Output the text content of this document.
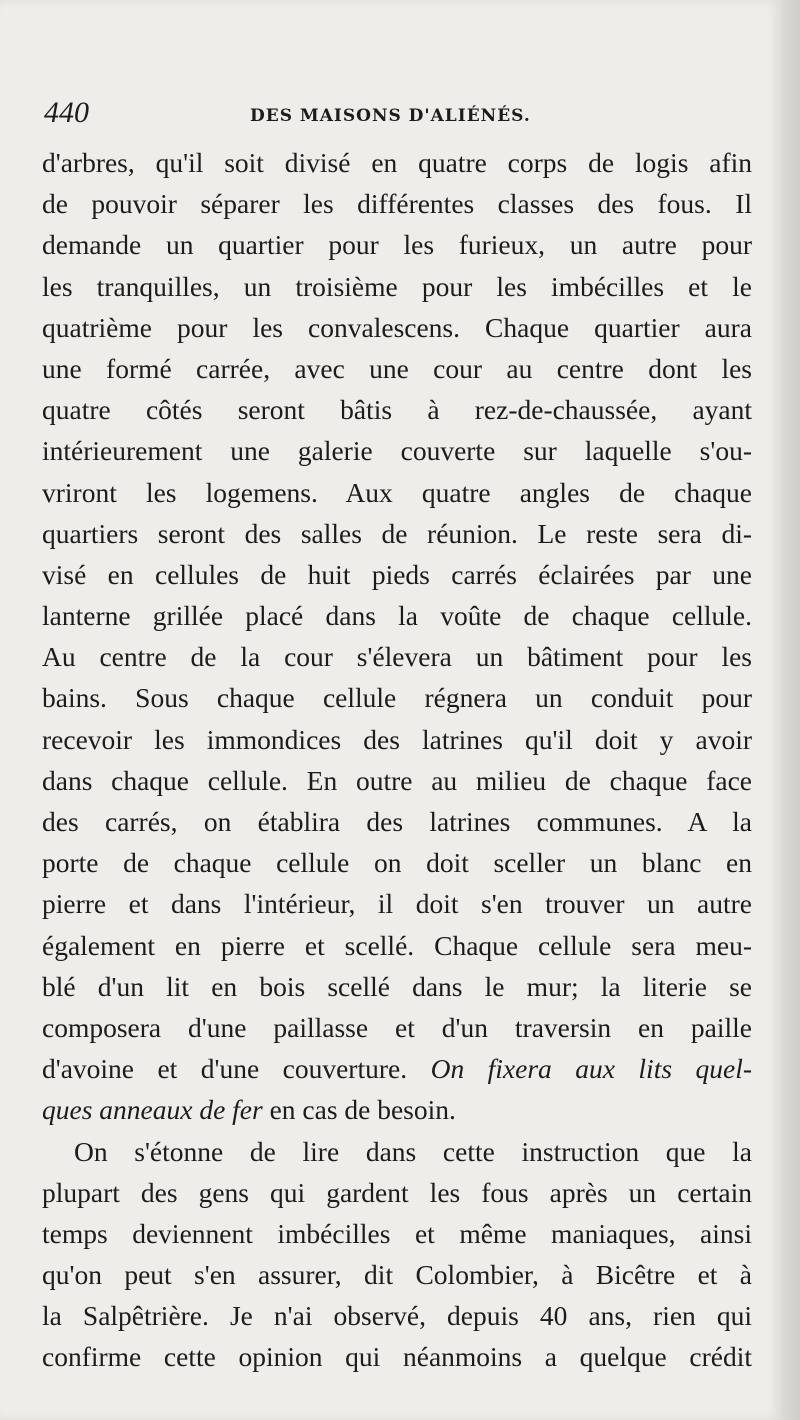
440	DES MAISONS D'ALIÉNÉS.
d'arbres, qu'il soit divisé en quatre corps de logis afin
de pouvoir séparer les différentes classes des fous. Il
demande un quartier pour les furieux, un autre pour
les tranquilles, un troisième pour les imbécilles et le
quatrième pour les convalescens. Chaque quartier aura
une formé carrée, avec une cour au centre dont les
quatre côtés seront bâtis à rez-de-chaussée, ayant
intérieurement une galerie couverte sur laquelle s'ou-
vriront les logemens. Aux quatre angles de chaque
quartiers seront des salles de réunion. Le reste sera di-
visé en cellules de huit pieds carrés éclairées par une
lanterne grillée placé dans la voûte de chaque cellule.
Au centre de la cour s'élevera un bâtiment pour les
bains. Sous chaque cellule régnera un conduit pour
recevoir les immondices des latrines qu'il doit y avoir
dans chaque cellule. En outre au milieu de chaque face
des carrés, on établira des latrines communes. A la
porte de chaque cellule on doit sceller un blanc en
pierre et dans l'intérieur, il doit s'en trouver un autre
également en pierre et scellé. Chaque cellule sera meu-
blé d'un lit en bois scellé dans le mur; la literie se
composera d'une paillasse et d'un traversin en paille
d'avoine et d'une couverture. On fixera aux lits quel-
ques anneaux de fer en cas de besoin.
On s'étonne de lire dans cette instruction que la
plupart des gens qui gardent les fous après un certain
temps deviennent imbécilles et même maniaques, ainsi
qu'on peut s'en assurer, dit Colombier, à Bicêtre et à
la Salpêtrière. Je n'ai observé, depuis 40 ans, rien qui
confirme cette opinion qui néanmoins a quelque crédit
